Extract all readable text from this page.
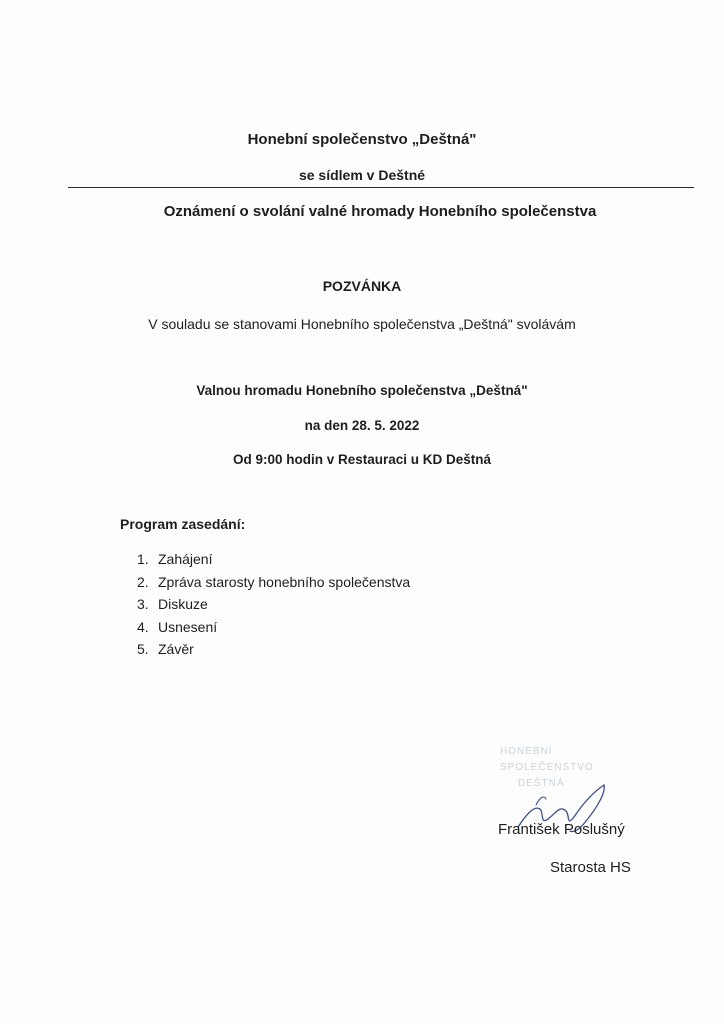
Honební společenstvo „Deštná"
se sídlem v Deštné
Oznámení o svolání valné hromady Honebního společenstva
POZVÁNKA
V souladu se stanovami Honebního společenstva „Deštná" svolávám
Valnou hromadu Honebního společenstva „Deštná"
na den 28. 5. 2022
Od 9:00 hodin v Restauraci u KD Deštná
Program zasedání:
1. Zahájení
2. Zpráva starosty honebního společenstva
3. Diskuze
4. Usnesení
5. Závěr
HONEBNÍ SPOLEČENSTVO
DEŠTNÁ
František Poslušný
Starosta HS
